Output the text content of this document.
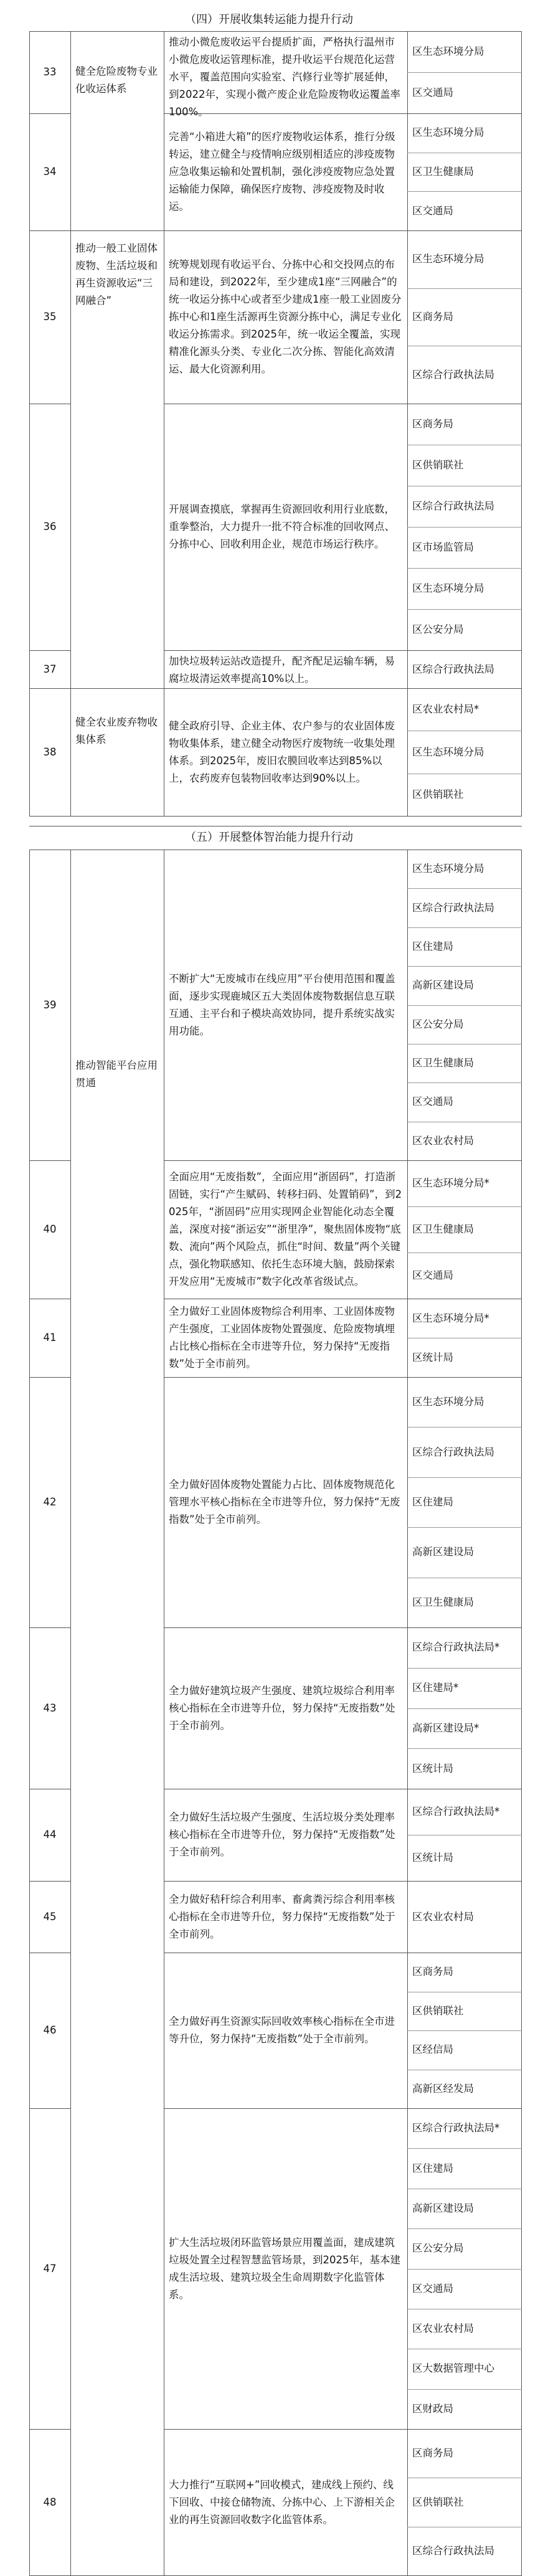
（四）开展收集转运能力提升行动
（五）开展整体智治能力提升行动
33
推动小微危废收运平台提质扩面，严格执行温州市小微危废收运管理标准，提升收运平台规范化运营水平，覆盖范围向实验室、汽修行业等扩展延伸，到2022年，实现小微产废企业危险废物收运覆盖率100%。
区生态环境分局
区交通局
34
完善“小箱进大箱”的医疗废物收运体系，推行分级转运，建立健全与疫情响应级别相适应的涉疫废物应急收集运输和处置机制，强化涉疫废物应急处置运输能力保障，确保医疗废物、涉疫废物及时收运。
区生态环境分局
区卫生健康局
区交通局
35
统筹规划现有收运平台、分拣中心和交投网点的布局和建设，到2022年，至少建成1座“三网融合”的统一收运分拣中心或者至少建成1座一般工业固废分拣中心和1座生活源再生资源分拣中心，满足专业化收运分拣需求。到2025年，统一收运全覆盖，实现精准化源头分类、专业化二次分拣、智能化高效清运、最大化资源利用。
区生态环境分局
区商务局
区综合行政执法局
36
开展调查摸底，掌握再生资源回收利用行业底数，重拳整治，大力提升一批不符合标准的回收网点、分拣中心、回收利用企业，规范市场运行秩序。
区商务局
区供销联社
区综合行政执法局
区市场监管局
区生态环境分局
区公安分局
37
加快垃圾转运站改造提升，配齐配足运输车辆，易腐垃圾清运效率提高10%以上。
区综合行政执法局
38
健全政府引导、企业主体、农户参与的农业固体废物收集体系，建立健全动物医疗废物统一收集处理体系。到2025年，废旧农膜回收率达到85%以上，农药废弃包装物回收率达到90%以上。
区农业农村局*
区生态环境分局
区供销联社
39
不断扩大“无废城市在线应用”平台使用范围和覆盖面，逐步实现鹿城区五大类固体废物数据信息互联互通、主平台和子模块高效协同，提升系统实战实用功能。
区生态环境分局
区综合行政执法局
区住建局
高新区建设局
区公安分局
区卫生健康局
区交通局
区农业农村局
40
全面应用“无废指数”，全面应用“浙固码”，打造浙固链，实行“产生赋码、转移扫码、处置销码”，到2025年，“浙固码”应用实现网企业智能化动态全覆盖，深度对接“浙运安”“浙里净”，聚焦固体废物“底数、流向”两个风险点，抓住“时间、数量”两个关键点，强化物联感知、依托生态环境大脑，鼓励探索开发应用“无废城市”数字化改革省级试点。
区生态环境分局*
区卫生健康局
区交通局
41
全力做好工业固体废物综合利用率、工业固体废物产生强度，工业固体废物处置强度、危险废物填埋占比核心指标在全市进等升位，努力保持“无废指数”处于全市前列。
区生态环境分局*
区统计局
42
全力做好固体废物处置能力占比、固体废物规范化管理水平核心指标在全市进等升位，努力保持“无废指数”处于全市前列。
区生态环境分局
区综合行政执法局
区住建局
高新区建设局
区卫生健康局
43
全力做好建筑垃圾产生强度、建筑垃圾综合利用率核心指标在全市进等升位，努力保持“无废指数”处于全市前列。
区综合行政执法局*
区住建局*
高新区建设局*
区统计局
44
全力做好生活垃圾产生强度、生活垃圾分类处理率核心指标在全市进等升位，努力保持“无废指数”处于全市前列。
区综合行政执法局*
区统计局
45
全力做好秸秆综合利用率、畜禽粪污综合利用率核心指标在全市进等升位，努力保持“无废指数”处于全市前列。
区农业农村局
46
全力做好再生资源实际回收效率核心指标在全市进等升位，努力保持“无废指数”处于全市前列。
区商务局
区供销联社
区经信局
高新区经发局
47
扩大生活垃圾闭环监管场景应用覆盖面，建成建筑垃圾处置全过程智慧监管场景，到2025年，基本建成生活垃圾、建筑垃圾全生命周期数字化监管体系。
区综合行政执法局*
区住建局
高新区建设局
区公安分局
区交通局
区农业农村局
区大数据管理中心
区财政局
48
大力推行“互联网+”回收模式，建成线上预约、线下回收、中接仓储物流、分拣中心、上下游相关企业的再生资源回收数字化监管体系。
区商务局
区供销联社
区综合行政执法局
健全危险废物专业化收运体系
推动一般工业固体废物、生活垃圾和再生资源收运“三网融合”
健全农业废弃物收集体系
推动智能平台应用贯通
